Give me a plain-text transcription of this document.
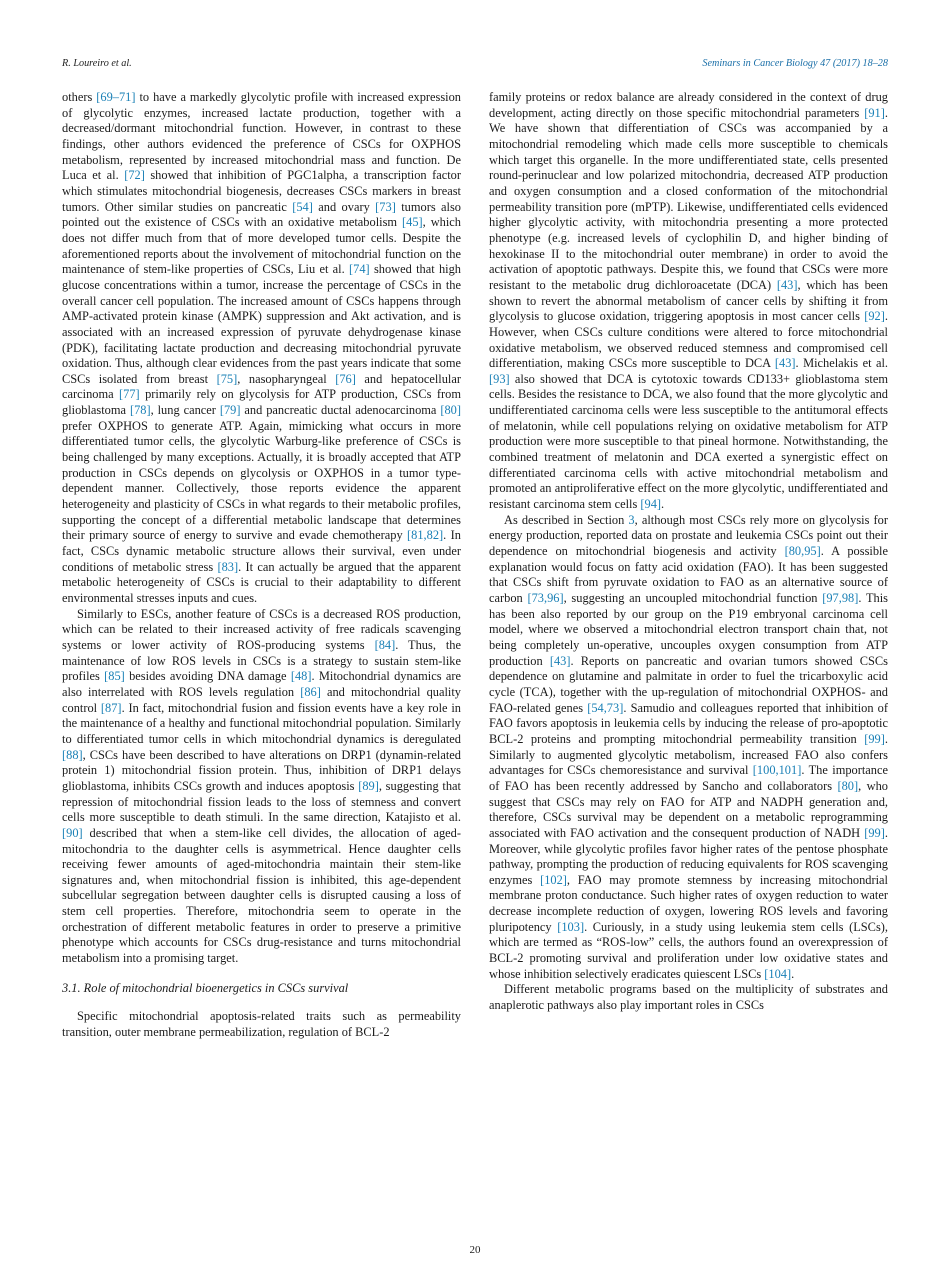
R. Loureiro et al.	Seminars in Cancer Biology 47 (2017) 18–28

others [69–71] to have a markedly glycolytic profile with increased expression of glycolytic enzymes, increased lactate production, together with a decreased/dormant mitochondrial function. However, in contrast to these findings, other authors evidenced the preference of CSCs for OXPHOS metabolism, represented by increased mitochondrial mass and function. De Luca et al. [72] showed that inhibition of PGC1alpha, a transcription factor which stimulates mitochondrial biogenesis, decreases CSCs markers in breast tumors. Other similar studies on pancreatic [54] and ovary [73] tumors also pointed out the existence of CSCs with an oxidative metabolism [45], which does not differ much from that of more developed tumor cells. Despite the aforementioned reports about the involvement of mitochondrial function on the maintenance of stem-like properties of CSCs, Liu et al. [74] showed that high glucose concentrations within a tumor, increase the percentage of CSCs in the overall cancer cell population. The increased amount of CSCs happens through AMP-activated protein kinase (AMPK) suppression and Akt activation, and is associated with an increased expression of pyruvate dehydrogenase kinase (PDK), facilitating lactate production and decreasing mitochondrial pyruvate oxidation. Thus, although clear evidences from the past years indicate that some CSCs isolated from breast [75], nasopharyngeal [76] and hepatocellular carcinoma [77] primarily rely on glycolysis for ATP production, CSCs from glioblastoma [78], lung cancer [79] and pancreatic ductal adenocarcinoma [80] prefer OXPHOS to generate ATP. Again, mimicking what occurs in more differentiated tumor cells, the glycolytic Warburg-like preference of CSCs is being challenged by many exceptions. Actually, it is broadly accepted that ATP production in CSCs depends on glycolysis or OXPHOS in a tumor type-dependent manner. Collectively, those reports evidence the apparent heterogeneity and plasticity of CSCs in what regards to their metabolic profiles, supporting the concept of a differential metabolic landscape that determines their primary source of energy to survive and evade chemotherapy [81,82]. In fact, CSCs dynamic metabolic structure allows their survival, even under conditions of metabolic stress [83]. It can actually be argued that the apparent metabolic heterogeneity of CSCs is crucial to their adaptability to different environmental stresses inputs and cues.

Similarly to ESCs, another feature of CSCs is a decreased ROS production, which can be related to their increased activity of free radicals scavenging systems or lower activity of ROS-producing systems [84]. Thus, the maintenance of low ROS levels in CSCs is a strategy to sustain stem-like profiles [85] besides avoiding DNA damage [48]. Mitochondrial dynamics are also interrelated with ROS levels regulation [86] and mitochondrial quality control [87]. In fact, mitochondrial fusion and fission events have a key role in the maintenance of a healthy and functional mitochondrial population. Similarly to differentiated tumor cells in which mitochondrial dynamics is deregulated [88], CSCs have been described to have alterations on DRP1 (dynamin-related protein 1) mitochondrial fission protein. Thus, inhibition of DRP1 delays glioblastoma, inhibits CSCs growth and induces apoptosis [89], suggesting that repression of mitochondrial fission leads to the loss of stemness and convert cells more susceptible to death stimuli. In the same direction, Katajisto et al. [90] described that when a stem-like cell divides, the allocation of aged-mitochondria to the daughter cells is asymmetrical. Hence daughter cells receiving fewer amounts of aged-mitochondria maintain their stem-like signatures and, when mitochondrial fission is inhibited, this age-dependent subcellular segregation between daughter cells is disrupted causing a loss of stem cell properties. Therefore, mitochondria seem to operate in the orchestration of different metabolic features in order to preserve a primitive phenotype which accounts for CSCs drug-resistance and turns mitochondrial metabolism into a promising target.

3.1. Role of mitochondrial bioenergetics in CSCs survival

Specific mitochondrial apoptosis-related traits such as permeability transition, outer membrane permeabilization, regulation of BCL-2

family proteins or redox balance are already considered in the context of drug development, acting directly on those specific mitochondrial parameters [91]. We have shown that differentiation of CSCs was accompanied by a mitochondrial remodeling which made cells more susceptible to chemicals which target this organelle. In the more undifferentiated state, cells presented round-perinuclear and low polarized mitochondria, decreased ATP production and oxygen consumption and a closed conformation of the mitochondrial permeability transition pore (mPTP). Likewise, undifferentiated cells evidenced higher glycolytic activity, with mitochondria presenting a more protected phenotype (e.g. increased levels of cyclophilin D, and higher binding of hexokinase II to the mitochondrial outer membrane) in order to avoid the activation of apoptotic pathways. Despite this, we found that CSCs were more resistant to the metabolic drug dichloroacetate (DCA) [43], which has been shown to revert the abnormal metabolism of cancer cells by shifting it from glycolysis to glucose oxidation, triggering apoptosis in most cancer cells [92]. However, when CSCs culture conditions were altered to force mitochondrial oxidative metabolism, we observed reduced stemness and compromised cell differentiation, making CSCs more susceptible to DCA [43]. Michelakis et al. [93] also showed that DCA is cytotoxic towards CD133+ glioblastoma stem cells. Besides the resistance to DCA, we also found that the more glycolytic and undifferentiated carcinoma cells were less susceptible to the antitumoral effects of melatonin, while cell populations relying on oxidative metabolism for ATP production were more susceptible to that pineal hormone. Notwithstanding, the combined treatment of melatonin and DCA exerted a synergistic effect on differentiated carcinoma cells with active mitochondrial metabolism and promoted an antiproliferative effect on the more glycolytic, undifferentiated and resistant carcinoma stem cells [94].

As described in Section 3, although most CSCs rely more on glycolysis for energy production, reported data on prostate and leukemia CSCs point out their dependence on mitochondrial biogenesis and activity [80,95]. A possible explanation would focus on fatty acid oxidation (FAO). It has been suggested that CSCs shift from pyruvate oxidation to FAO as an alternative source of carbon [73,96], suggesting an uncoupled mitochondrial function [97,98]. This has been also reported by our group on the P19 embryonal carcinoma cell model, where we observed a mitochondrial electron transport chain that, not being completely un-operative, uncouples oxygen consumption from ATP production [43]. Reports on pancreatic and ovarian tumors showed CSCs dependence on glutamine and palmitate in order to fuel the tricarboxylic acid cycle (TCA), together with the up-regulation of mitochondrial OXPHOS- and FAO-related genes [54,73]. Samudio and colleagues reported that inhibition of FAO favors apoptosis in leukemia cells by inducing the release of pro-apoptotic BCL-2 proteins and prompting mitochondrial permeability transition [99]. Similarly to augmented glycolytic metabolism, increased FAO also confers advantages for CSCs chemoresistance and survival [100,101]. The importance of FAO has been recently addressed by Sancho and collaborators [80], who suggest that CSCs may rely on FAO for ATP and NADPH generation and, therefore, CSCs survival may be dependent on a metabolic reprogramming associated with FAO activation and the consequent production of NADH [99]. Moreover, while glycolytic profiles favor higher rates of the pentose phosphate pathway, prompting the production of reducing equivalents for ROS scavenging enzymes [102], FAO may promote stemness by increasing mitochondrial membrane proton conductance. Such higher rates of oxygen reduction to water decrease incomplete reduction of oxygen, lowering ROS levels and favoring pluripotency [103]. Curiously, in a study using leukemia stem cells (LSCs), which are termed as “ROS-low” cells, the authors found an overexpression of BCL-2 promoting survival and proliferation under low oxidative states and whose inhibition selectively eradicates quiescent LSCs [104].

Different metabolic programs based on the multiplicity of substrates and anaplerotic pathways also play important roles in CSCs

20
